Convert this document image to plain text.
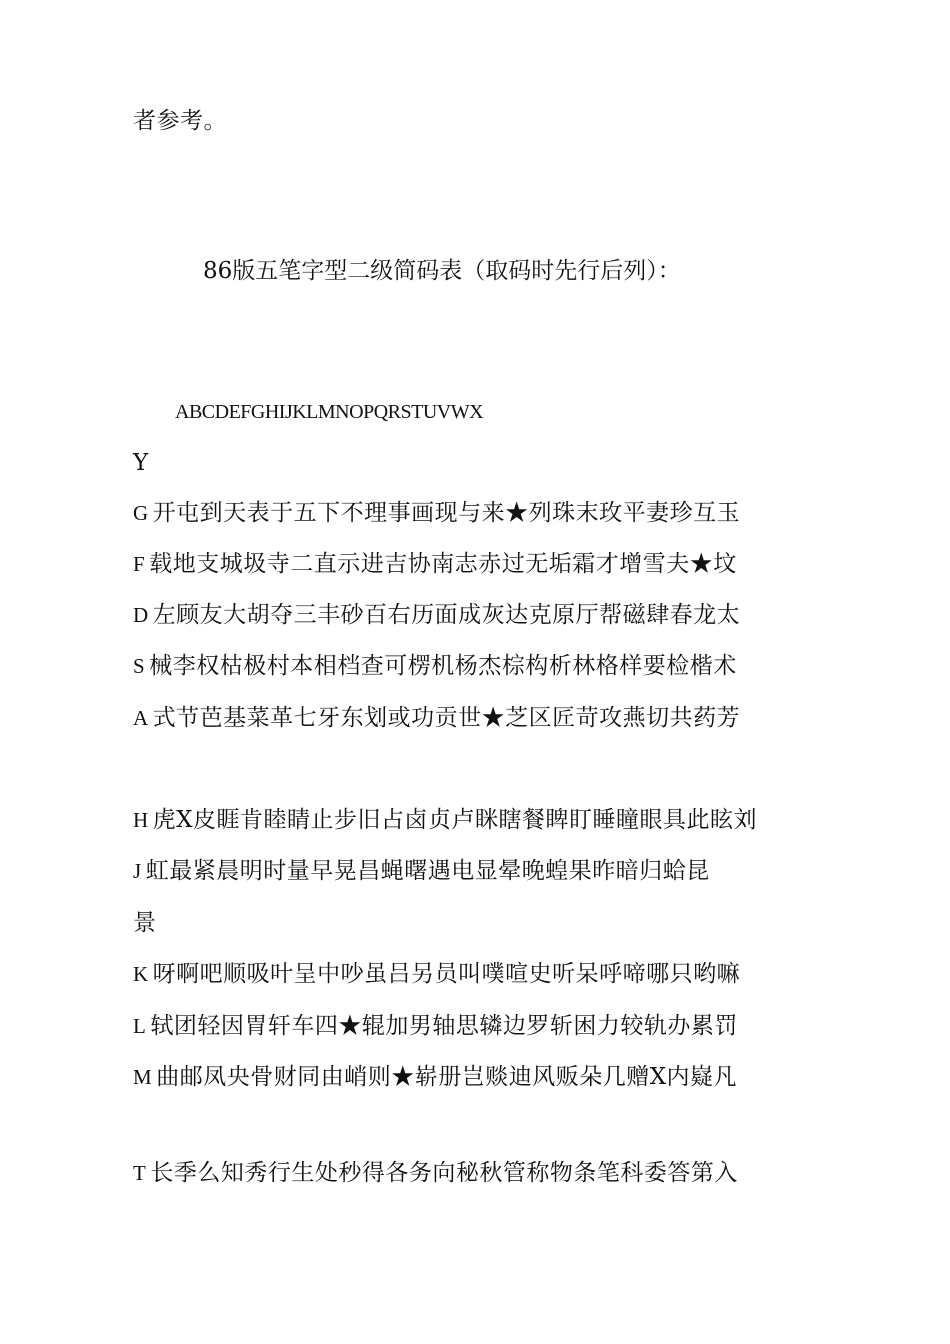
者参考。
86版五笔字型二级简码表（取码时先行后列）：
ABCDEFGHIJKLMNOPQRSTUVWX
Y
G 开屯到天表于五下不理事画现与来★列珠末玫平妻珍互玉
F 载地支城圾寺二直示进吉协南志赤过无垢霜才增雪夫★坟
D 左顾友大胡夺三丰砂百右历面成灰达克原厅帮磁肆春龙太
S 械李权枯极村本相档查可楞机杨杰棕构析林格样要检楷术
A 式节芭基菜革七牙东划或功贡世★芝区匠苛攻燕切共药芳
H 虎X皮睚肯睦睛止步旧占卤贞卢眯瞎餐睥盯睡瞳眼具此眩刘
J 虹最紧晨明时量早晃昌蝇曙遇电显晕晚蝗果昨暗归蛤昆
景
K 呀啊吧顺吸叶呈中吵虽吕另员叫噗喧史听呆呼啼哪只哟嘛
L 轼团轻因胃轩车四★辊加男轴思辚边罗斩困力较轨办累罚
M 曲邮凤央骨财同由峭则★崭册岂赕迪风贩朵几赠X内嶷凡
T 长季么知秀行生处秒得各务向秘秋管称物条笔科委答第入
